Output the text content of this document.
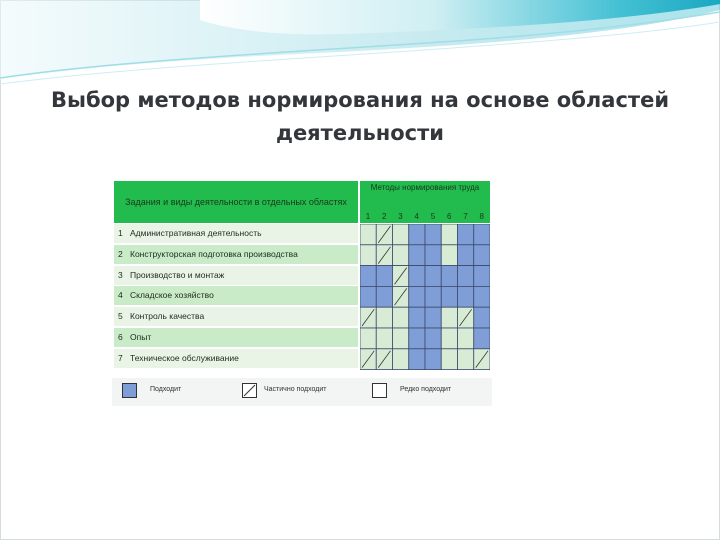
Выбор методов нормирования на основе областей
деятельности
Задания и виды деятельности в отдельных областях
Методы нормирования труда
1	2	3	4	5	6	7	8
1 Административная деятельность
2 Конструкторская подготовка производства
3 Производство и монтаж
4 Складское хозяйство
5 Контроль качества
6 Опыт
7 Техническое обслуживание
Подходит	Частично подходит	Редко подходит
